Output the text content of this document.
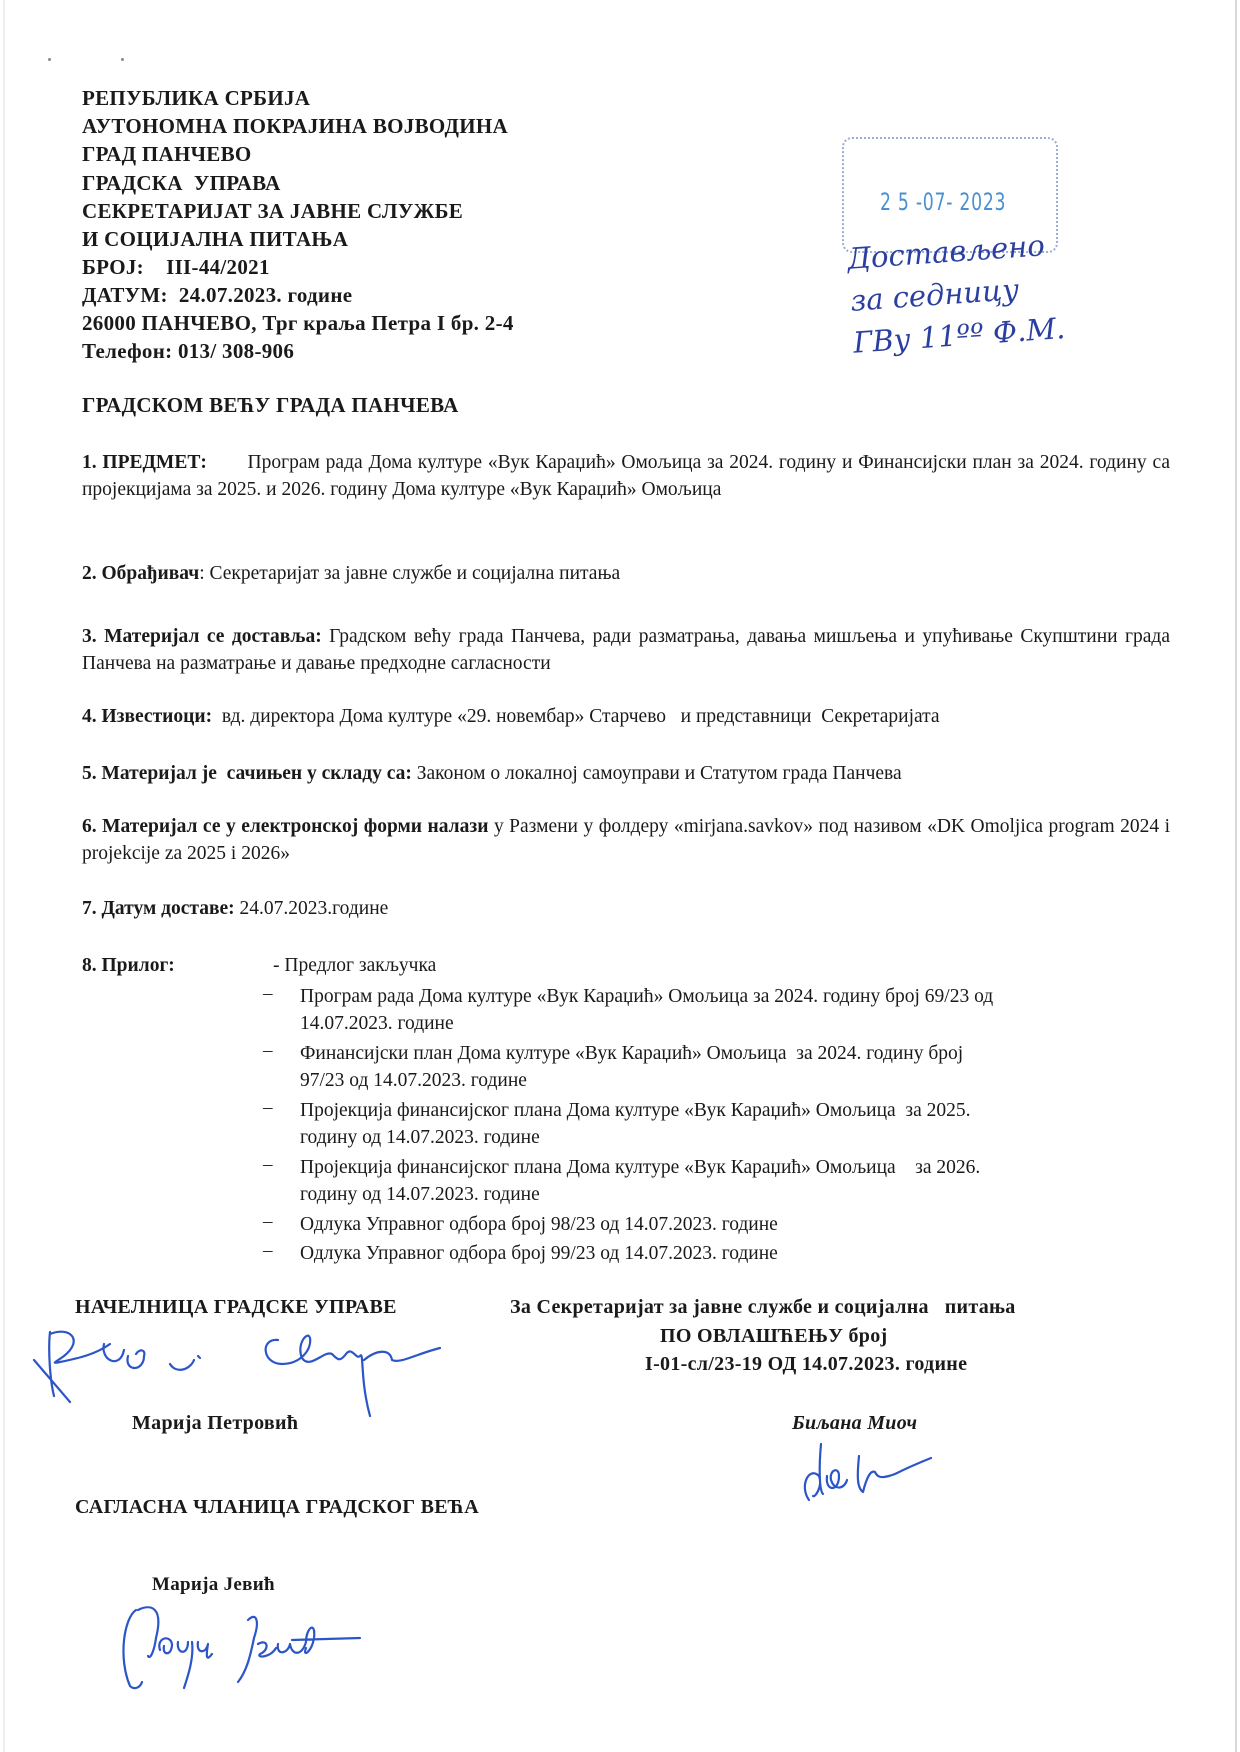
РЕПУБЛИКА СРБИЈА
АУТОНОМНА ПОКРАЈИНА ВОЈВОДИНА
ГРАД ПАНЧЕВО
ГРАДСКА  УПРАВА
СЕКРЕТАРИЈАТ ЗА ЈАВНЕ СЛУЖБЕ
И СОЦИЈАЛНА ПИТАЊА
БРОЈ:    III-44/2021
ДАТУМ:  24.07.2023. године
26000 ПАНЧЕВО, Трг краља Петра I бр. 2-4
Телефон: 013/ 308-906
2 5 -07- 2023
Достављено за седницу ГВу 11ºº Ф.М.
ГРАДСКОМ ВЕЋУ ГРАДА ПАНЧЕВА
1. ПРЕДМЕТ: Програм рада Дома културе «Вук Караџић» Омољица за 2024. годину и Финансијски план за 2024. годину са пројекцијама за 2025. и 2026. годину Дома културе «Вук Караџић» Омољица
2. Обрађивач: Секретаријат за јавне службе и социјална питања
3. Материјал се доставља: Градском већу града Панчева, ради разматрања, давања мишљења и упућивање Скупштини града Панчева на разматрање и давање предходне сагласности
4. Известиоци: вд. директора Дома културе «29. новембар» Старчево   и представници  Секретаријата
5. Материјал је  сачињен у складу са: Законом о локалној самоуправи и Статутом града Панчева
6. Материјал се у електронској форми налази у Размени у фолдеру «mirjana.savkov» под називом «DK Omoljica program 2024 i projekcije za 2025 i 2026»
7. Датум доставе: 24.07.2023.године
8. Прилог:	- Предлог закључка
– Програм рада Дома културе «Вук Караџић» Омољица за 2024. годину број 69/23 од
14.07.2023. године
– Финансијски план Дома културе «Вук Караџић» Омољица  за 2024. годину број
97/23 од 14.07.2023. године
– Пројекција финансијског плана Дома културе «Вук Караџић» Омољица  за 2025.
годину од 14.07.2023. године
– Пројекција финансијског плана Дома културе «Вук Караџић» Омољица    за 2026.
годину од 14.07.2023. године
– Одлука Управног одбора број 98/23 од 14.07.2023. године
– Одлука Управног одбора број 99/23 од 14.07.2023. године
НАЧЕЛНИЦА ГРАДСКЕ УПРАВЕ	За Секретаријат за јавне службе и социјална   питања
ПО ОВЛАШЋЕЊУ број
I-01-сл/23-19 ОД 14.07.2023. године
Марија Петровић	Биљана Миоч
САГЛАСНА ЧЛАНИЦА ГРАДСКОГ ВЕЋА
Марија Јевић
